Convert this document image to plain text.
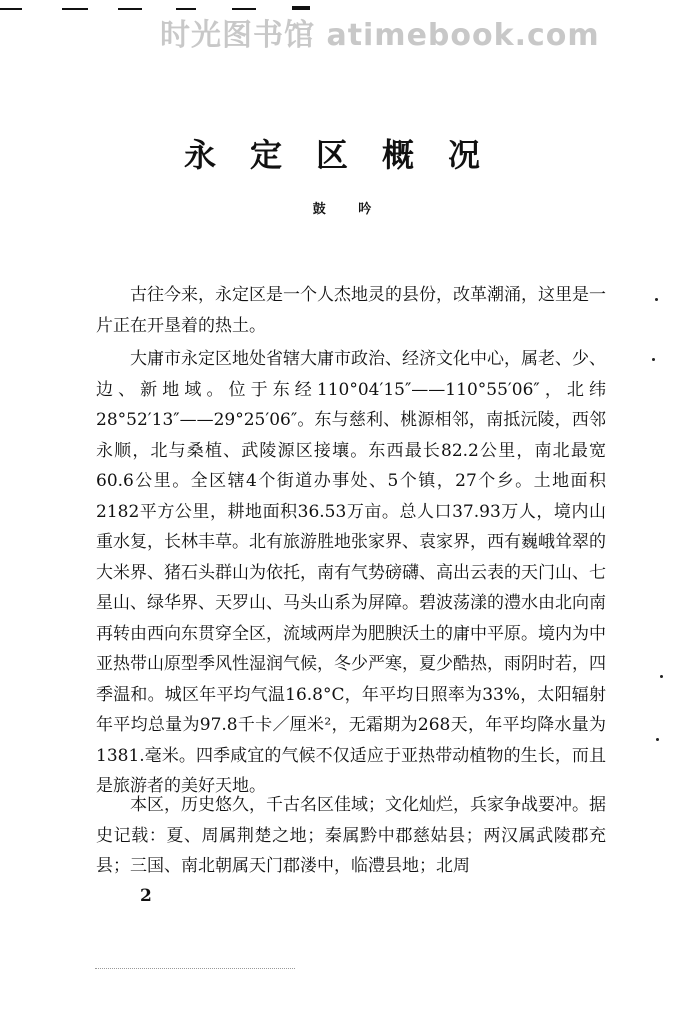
时光图书馆 atimebook.com
永定区概况
鼓 吟

古往今来，永定区是一个人杰地灵的县份，改革潮涌，这里是一片正在开垦着的热土。

大庸市永定区地处省辖大庸市政治、经济文化中心，属老、少、边、新地域。位于东经110°04′15″——110°55′06″，北纬28°52′13″——29°25′06″。东与慈利、桃源相邻，南抵沅陵，西邻永顺，北与桑植、武陵源区接壤。东西最长82.2公里，南北最宽60.6公里。全区辖4个街道办事处、5个镇，27个乡。土地面积2182平方公里，耕地面积36.53万亩。总人口37.93万人，境内山重水复，长林丰草。北有旅游胜地张家界、袁家界，西有巍峨耸翠的大米界、猪石头群山为依托，南有气势磅礴、高出云表的天门山、七星山、绿华界、天罗山、马头山系为屏障。碧波荡漾的澧水由北向南再转由西向东贯穿全区，流域两岸为肥腴沃土的庸中平原。境内为中亚热带山原型季风性湿润气候，冬少严寒，夏少酷热，雨阴时若，四季温和。城区年平均气温16.8°C，年平均日照率为33%，太阳辐射年平均总量为97.8千卡／厘米²，无霜期为268天，年平均降水量为1381.毫米。四季咸宜的气候不仅适应于亚热带动植物的生长，而且是旅游者的美好天地。

本区，历史悠久，千古名区佳域；文化灿烂，兵家争战要冲。据史记载：夏、周属荆楚之地；秦属黔中郡慈姑县；两汉属武陵郡充县；三国、南北朝属天门郡溇中，临澧县地；北周

2
